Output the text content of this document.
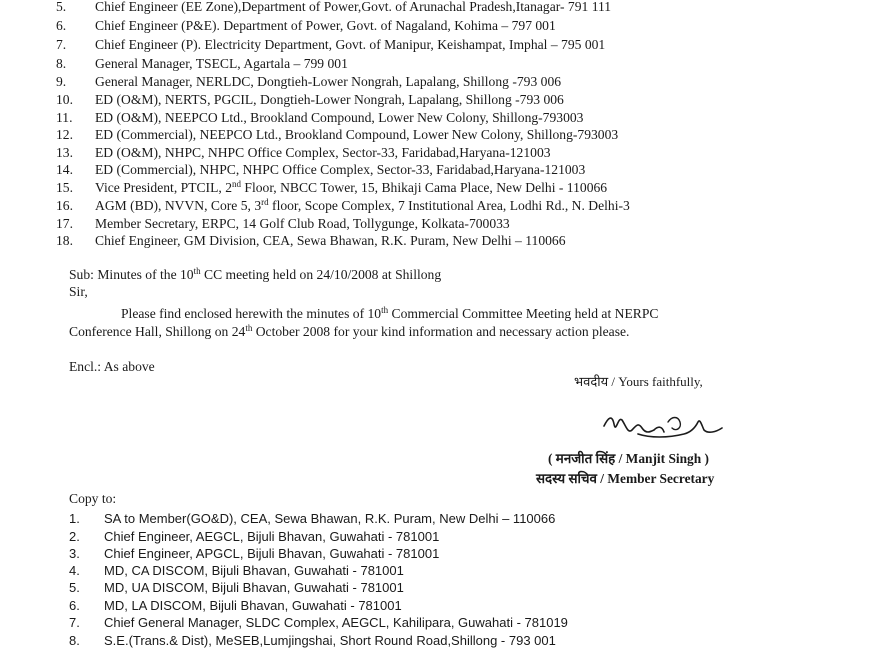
5.	Chief Engineer (EE Zone),Department of Power,Govt. of Arunachal Pradesh,Itanagar- 791 111
6.	Chief Engineer (P&E). Department of Power, Govt. of Nagaland, Kohima – 797 001
7.	Chief Engineer (P). Electricity Department, Govt. of Manipur, Keishampat, Imphal – 795 001
8.	General Manager, TSECL, Agartala – 799 001
9.	General Manager, NERLDC, Dongtieh-Lower Nongrah, Lapalang, Shillong -793 006
10.	ED (O&M), NERTS, PGCIL, Dongtieh-Lower Nongrah, Lapalang, Shillong -793 006
11.	ED (O&M), NEEPCO Ltd., Brookland Compound, Lower New Colony, Shillong-793003
12.	ED (Commercial), NEEPCO Ltd., Brookland Compound, Lower New Colony, Shillong-793003
13.	ED (O&M), NHPC, NHPC Office Complex, Sector-33, Faridabad,Haryana-121003
14.	ED (Commercial), NHPC, NHPC Office Complex, Sector-33, Faridabad,Haryana-121003
15.	Vice President, PTCIL, 2nd Floor, NBCC Tower, 15, Bhikaji Cama Place, New Delhi - 110066
16.	AGM (BD), NVVN, Core 5, 3rd floor, Scope Complex, 7 Institutional Area, Lodhi Rd., N. Delhi-3
17.	Member Secretary, ERPC, 14 Golf Club Road, Tollygunge, Kolkata-700033
18.	Chief Engineer, GM Division, CEA, Sewa Bhawan, R.K. Puram, New Delhi – 110066
Sub: Minutes of the 10th CC meeting held on 24/10/2008 at Shillong
Sir,
Please find enclosed herewith the minutes of 10th Commercial Committee Meeting held at NERPC
Conference Hall, Shillong on 24th October 2008 for your kind information and necessary action please.
Encl.: As above
भवदीय / Yours faithfully,
( मनजीत सिंह / Manjit Singh )
सदस्य सचिव / Member Secretary
Copy to:
1.	SA to Member(GO&D), CEA, Sewa Bhawan, R.K. Puram, New Delhi – 110066
2.	Chief Engineer, AEGCL, Bijuli Bhavan, Guwahati - 781001
3.	Chief Engineer, APGCL, Bijuli Bhavan, Guwahati - 781001
4.	MD, CA DISCOM, Bijuli Bhavan, Guwahati - 781001
5.	MD, UA DISCOM, Bijuli Bhavan, Guwahati - 781001
6.	MD, LA DISCOM, Bijuli Bhavan, Guwahati - 781001
7.	Chief General Manager, SLDC Complex, AEGCL, Kahilipara, Guwahati - 781019
8.	S.E.(Trans.& Dist), MeSEB,Lumjingshai, Short Round Road,Shillong - 793 001
